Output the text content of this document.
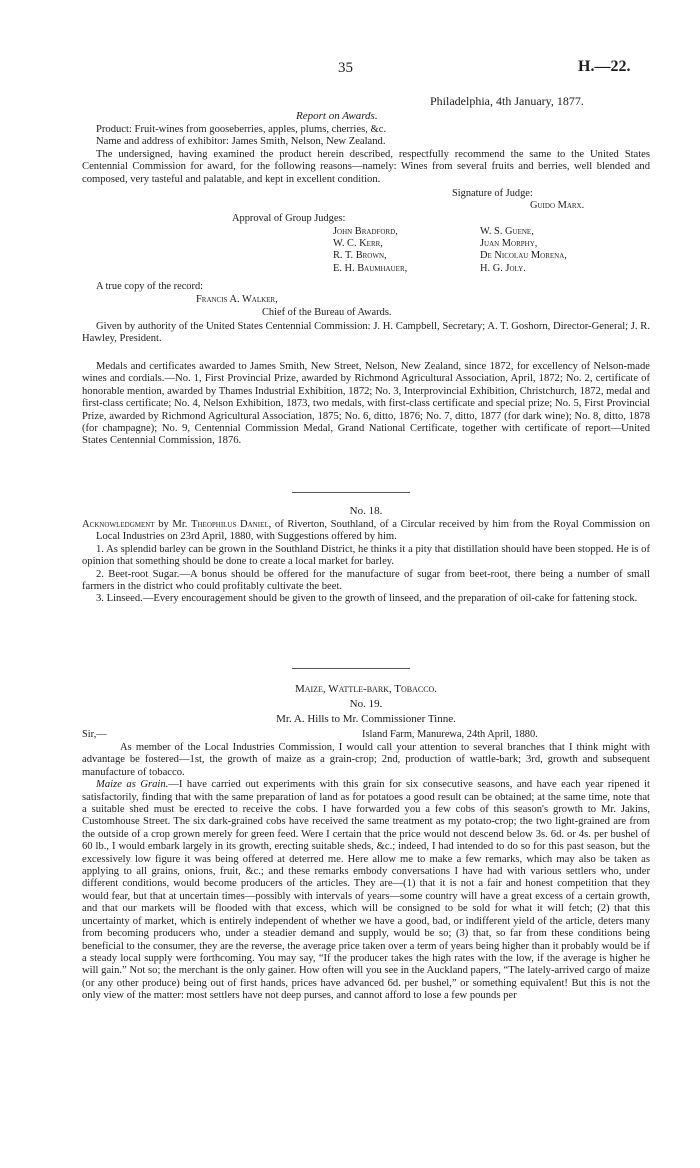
35	H.—22.
Philadelphia, 4th January, 1877.
Report on Awards.

Product: Fruit-wines from gooseberries, apples, plums, cherries, &c.

Name and address of exhibitor: James Smith, Nelson, New Zealand.

The undersigned, having examined the product herein described, respectfully recommend the same to the United States Centennial Commission for award, for the following reasons—namely: Wines from several fruits and berries, well blended and composed, very tasteful and palatable, and kept in excellent condition.

Signature of Judge:
Guido Marx.
Approval of Group Judges:
John Bradford,
W. C. Kerr,
R. T. Brown,
E. H. Baumhauer,
W. S. Guene,
Juan Morphy,
De Nicolau Morena,
H. G. Joly.
A true copy of the record:
Francis A. Walker,
Chief of the Bureau of Awards.

Given by authority of the United States Centennial Commission: J. H. Campbell, Secretary; A. T. Goshorn, Director-General; J. R. Hawley, President.

Medals and certificates awarded to James Smith, New Street, Nelson, New Zealand, since 1872, for excellency of Nelson-made wines and cordials.—No. 1, First Provincial Prize, awarded by Richmond Agricultural Association, April, 1872; No. 2, certificate of honorable mention, awarded by Thames Industrial Exhibition, 1872; No. 3, Interprovincial Exhibition, Christchurch, 1872, medal and first-class certificate; No. 4, Nelson Exhibition, 1873, two medals, with first-class certificate and special prize; No. 5, First Provincial Prize, awarded by Richmond Agricultural Association, 1875; No. 6, ditto, 1876; No. 7, ditto, 1877 (for dark wine); No. 8, ditto, 1878 (for champagne); No. 9, Centennial Commission Medal, Grand National Certificate, together with certificate of report—United States Centennial Commission, 1876.

No. 18.

Acknowledgment by Mr. Theophilus Daniel, of Riverton, Southland, of a Circular received by him from the Royal Commission on Local Industries on 23rd April, 1880, with Suggestions offered by him.

1. As splendid barley can be grown in the Southland District, he thinks it a pity that distillation should have been stopped. He is of opinion that something should be done to create a local market for barley.

2. Beet-root Sugar.—A bonus should be offered for the manufacture of sugar from beet-root, there being a number of small farmers in the district who could profitably cultivate the beet.

3. Linseed.—Every encouragement should be given to the growth of linseed, and the preparation of oil-cake for fattening stock.

Maize, Wattle-bark, Tobacco.
No. 19.
Mr. A. Hills to Mr. Commissioner Tinne.
Sir,—	Island Farm, Manurewa, 24th April, 1880.

As member of the Local Industries Commission, I would call your attention to several branches that I think might with advantage be fostered—1st, the growth of maize as a grain-crop; 2nd, production of wattle-bark; 3rd, growth and subsequent manufacture of tobacco.

Maize as Grain.—I have carried out experiments with this grain for six consecutive seasons, and have each year ripened it satisfactorily, finding that with the same preparation of land as for potatoes a good result can be obtained; at the same time, note that a suitable shed must be erected to receive the cobs. I have forwarded you a few cobs of this season's growth to Mr. Jakins, Customhouse Street. The six dark-grained cobs have received the same treatment as my potato-crop; the two light-grained are from the outside of a crop grown merely for green feed. Were I certain that the price would not descend below 3s. 6d. or 4s. per bushel of 60 lb., I would embark largely in its growth, erecting suitable sheds, &c.; indeed, I had intended to do so for this past season, but the excessively low figure it was being offered at deterred me. Here allow me to make a few remarks, which may also be taken as applying to all grains, onions, fruit, &c.; and these remarks embody conversations I have had with various settlers who, under different conditions, would become producers of the articles. They are—(1) that it is not a fair and honest competition that they would fear, but that at uncertain times—possibly with intervals of years—some country will have a great excess of a certain growth, and that our markets will be flooded with that excess, which will be consigned to be sold for what it will fetch; (2) that this uncertainty of market, which is entirely independent of whether we have a good, bad, or indifferent yield of the article, deters many from becoming producers who, under a steadier demand and supply, would be so; (3) that, so far from these conditions being beneficial to the consumer, they are the reverse, the average price taken over a term of years being higher than it probably would be if a steady local supply were forthcoming. You may say, “If the producer takes the high rates with the low, if the average is higher he will gain.” Not so; the merchant is the only gainer. How often will you see in the Auckland papers, “The lately-arrived cargo of maize (or any other produce) being out of first hands, prices have advanced 6d. per bushel,” or something equivalent! But this is not the only view of the matter: most settlers have not deep purses, and cannot afford to lose a few pounds per
